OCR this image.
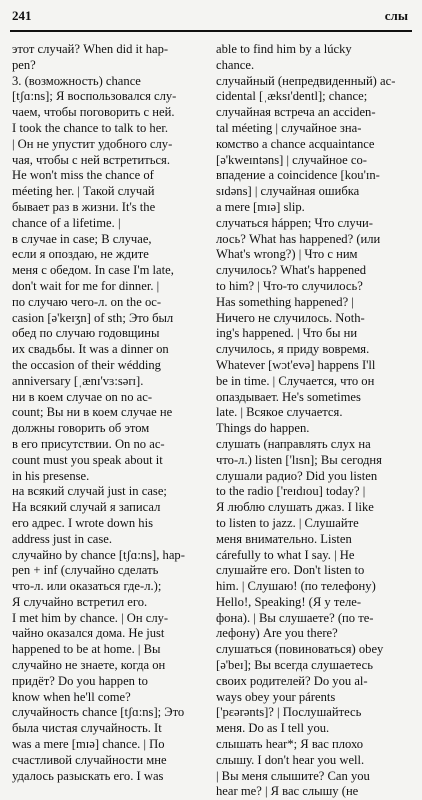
241	слы
этот случай? When did it hap-
pen?
3. (возможность) chance
[tʃɑ:ns]; Я воспользовался слу-
чаем, чтобы поговорить с ней.
I took the chance to talk to her.
| Он не упустит удобного слу-
чая, чтобы с ней встретиться.
He won't miss the chance of
méeting her. | Такой случай
бывает раз в жизни. It's the
chance of a lifetime. |
в случае in case; В случае,
если я опоздаю, не ждите
меня с обедом. In case I'm late,
don't wait for me for dinner. |
по случаю чего-л. on the oc-
casion [ə'keɪʒn] of sth; Это был
обед по случаю годовщины
их свадьбы. It was a dinner on
the occasion of their wédding
anniversary [ˌænɪ'vɜ:sərɪ].
ни в коем случае on no ac-
count; Вы ни в коем случае не
должны говорить об этом
в его присутствии. On no ac-
count must you speak about it
in his presense.
на всякий случай just in case;
На всякий случай я записал
его адрес. I wrote down his
address just in case.
случайно by chance [tʃɑ:ns], hap-
pen + inf (случайно сделать
что-л. или оказаться где-л.);
Я случайно встретил его.
I met him by chance. | Он слу-
чайно оказался дома. He just
happened to be at home. | Вы
случайно не знаете, когда он
придёт? Do you happen to
know when he'll come?
случайность chance [tʃɑ:ns]; Это
была чистая случайность. It
was a mere [mɪə] chance. | По
счастливой случайности мне
удалось разыскать его. I was
able to find him by a lúcky
chance.
случайный (непредвиденный) ac-
cidental [ˌæksɪ'dentl]; chance;
случайная встреча an acciden-
tal méeting | случайное зна-
комство a chance acquaintance
[ə'kweɪntəns] | случайное со-
впадение a coincidence [kou'ɪn-
sɪdəns] | случайная ошибка
a mere [mɪə] slip.
случаться háppen; Что случи-
лось? What has happened? (или
What's wrong?) | Что с ним
случилось? What's happened
to him? | Что-то случилось?
Has something happened? |
Ничего не случилось. Noth-
ing's happened. | Что бы ни
случилось, я приду вовремя.
Whatever [wɔt'evə] happens I'll
be in time. | Случается, что он
опаздывает. He's sometimes
late. | Всякое случается.
Things do happen.
слушать (направлять слух на
что-л.) listen ['lɪsn]; Вы сегодня
слушали радио? Did you listen
to the radio ['reɪdɪou] today? |
Я люблю слушать джаз. I like
to listen to jazz. | Слушайте
меня внимательно. Listen
cárefully to what I say. | Не
слушайте его. Don't listen to
him. | Слушаю! (по телефону)
Hello!, Speaking! (Я у теле-
фона). | Вы слушаете? (по те-
лефону) Are you there?
слушаться (повиноваться) obey
[ə'beɪ]; Вы всегда слушаетесь
своих родителей? Do you al-
ways obey your párents
['pɛərənts]? | Послушайтесь
меня. Do as I tell you.
слышать hear*; Я вас плохо
слышу. I don't hear you well.
| Вы меня слышите? Can you
hear me? | Я вас слышу (не
